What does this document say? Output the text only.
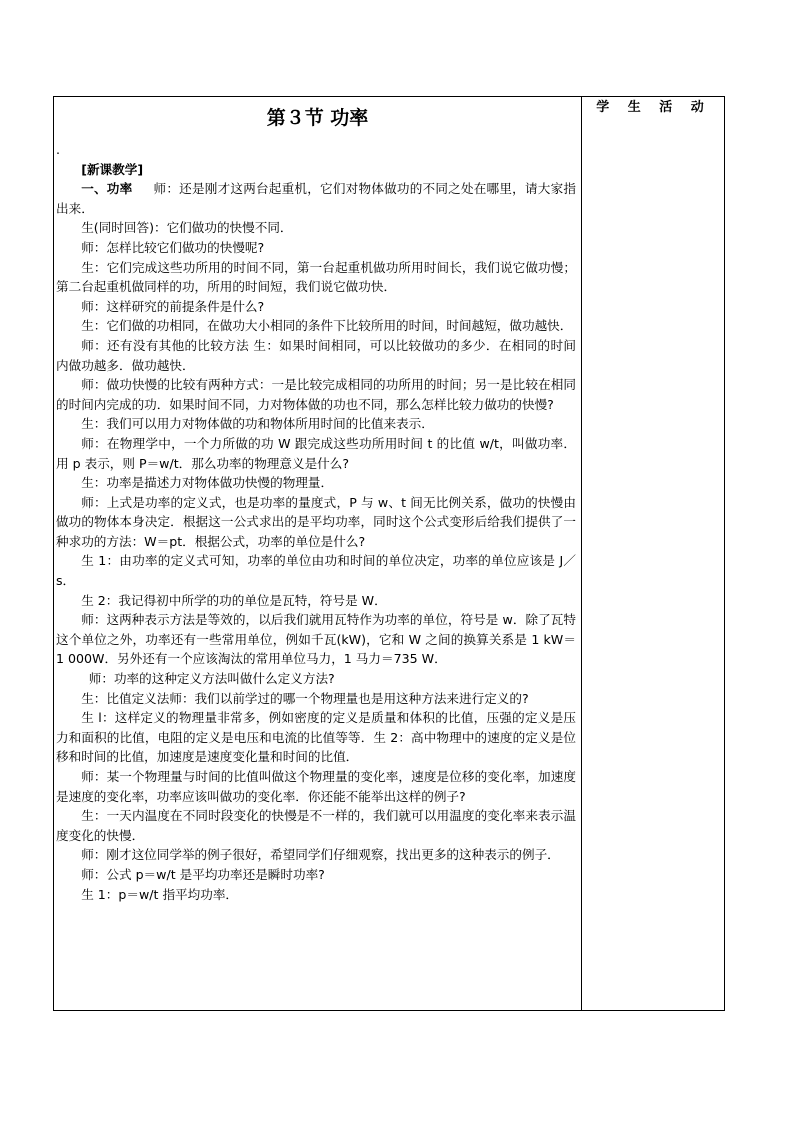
学 生 活 动
第３节 功率

.

[新课教学]

一、功率 师：还是刚才这两台起重机，它们对物体做功的不同之处在哪里，请大家指出来．

生(同时回答)：它们做功的快慢不同．

师：怎样比较它们做功的快慢呢?

生：它们完成这些功所用的时间不同，第一台起重机做功所用时间长，我们说它做功慢；第二台起重机做同样的功，所用的时间短，我们说它做功快．

师：这样研究的前提条件是什么?

生：它们做的功相同，在做功大小相同的条件下比较所用的时间，时间越短，做功越快．

师：还有没有其他的比较方法 生：如果时间相同，可以比较做功的多少．在相同的时间内做功越多．做功越快．

师：做功快慢的比较有两种方式：一是比较完成相同的功所用的时间；另一是比较在相同的时间内完成的功．如果时间不同，力对物体做的功也不同，那么怎样比较力做功的快慢?

生：我们可以用力对物体做的功和物体所用时间的比值来表示．

师：在物理学中，一个力所做的功 W 跟完成这些功所用时间 t 的比值 w/t，叫做功率．用 p 表示，则 P＝w/t．那么功率的物理意义是什么?

生：功率是描述力对物体做功快慢的物理量．

师：上式是功率的定义式，也是功率的量度式，P 与 w、t 间无比例关系，做功的快慢由做功的物体本身决定．根据这一公式求出的是平均功率，同时这个公式变形后给我们提供了一种求功的方法：W＝pt．根据公式，功率的单位是什么?

生 1：由功率的定义式可知，功率的单位由功和时间的单位决定，功率的单位应该是 J／s．

生 2：我记得初中所学的功的单位是瓦特，符号是 W．

师：这两种表示方法是等效的，以后我们就用瓦特作为功率的单位，符号是 w．除了瓦特这个单位之外，功率还有一些常用单位，例如千瓦(kW)，它和 W 之间的换算关系是 1 kW＝1 000W．另外还有一个应该淘汰的常用单位马力，1 马力＝735 W．

师：功率的这种定义方法叫做什么定义方法?

生：比值定义法师：我们以前学过的哪一个物理量也是用这种方法来进行定义的?

生 l：这样定义的物理量非常多，例如密度的定义是质量和体积的比值，压强的定义是压力和面积的比值，电阻的定义是电压和电流的比值等等．生 2：高中物理中的速度的定义是位移和时间的比值，加速度是速度变化量和时间的比值．

师：某一个物理量与时间的比值叫做这个物理量的变化率，速度是位移的变化率，加速度是速度的变化率，功率应该叫做功的变化率．你还能不能举出这样的例子?

生：一天内温度在不同时段变化的快慢是不一样的，我们就可以用温度的变化率来表示温度变化的快慢．

师：刚才这位同学举的例子很好，希望同学们仔细观察，找出更多的这种表示的例子．

师：公式 p＝w/t 是平均功率还是瞬时功率?

生 1：p＝w/t 指平均功率．
